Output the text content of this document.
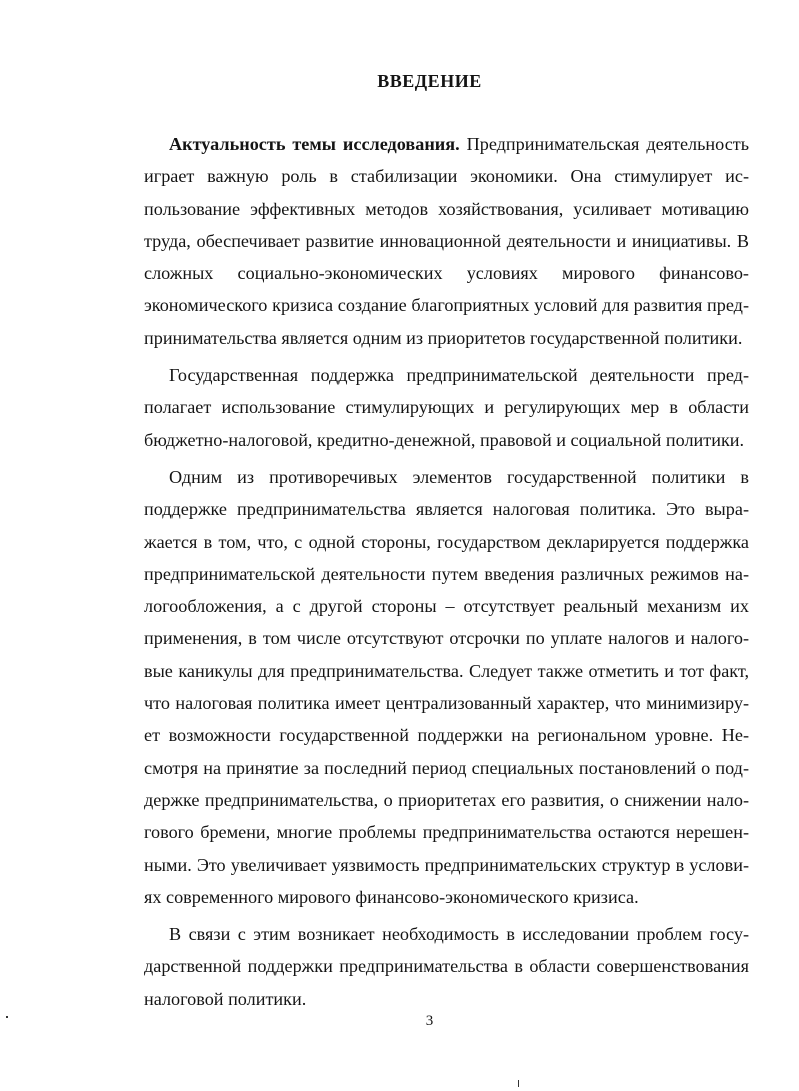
ВВЕДЕНИЕ

Актуальность темы исследования. Предпринимательская деятельность играет важную роль в стабилизации экономики. Она стимулирует использование эффективных методов хозяйствования, усиливает мотивацию труда, обеспечивает развитие инновационной деятельности и инициативы. В сложных социально-экономических условиях мирового финансово-экономического кризиса создание благоприятных условий для развития предпринимательства является одним из приоритетов государственной политики.

Государственная поддержка предпринимательской деятельности предполагает использование стимулирующих и регулирующих мер в области бюджетно-налоговой, кредитно-денежной, правовой и социальной политики.

Одним из противоречивых элементов государственной политики в поддержке предпринимательства является налоговая политика. Это выражается в том, что, с одной стороны, государством декларируется поддержка предпринимательской деятельности путем введения различных режимов налогообложения, а с другой стороны – отсутствует реальный механизм их применения, в том числе отсутствуют отсрочки по уплате налогов и налоговые каникулы для предпринимательства. Следует также отметить и тот факт, что налоговая политика имеет централизованный характер, что минимизирует возможности государственной поддержки на региональном уровне. Несмотря на принятие за последний период специальных постановлений о поддержке предпринимательства, о приоритетах его развития, о снижении налогового бремени, многие проблемы предпринимательства остаются нерешенными. Это увеличивает уязвимость предпринимательских структур в условиях современного мирового финансово-экономического кризиса.

В связи с этим возникает необходимость в исследовании проблем государственной поддержки предпринимательства в области совершенствования налоговой политики.

3
